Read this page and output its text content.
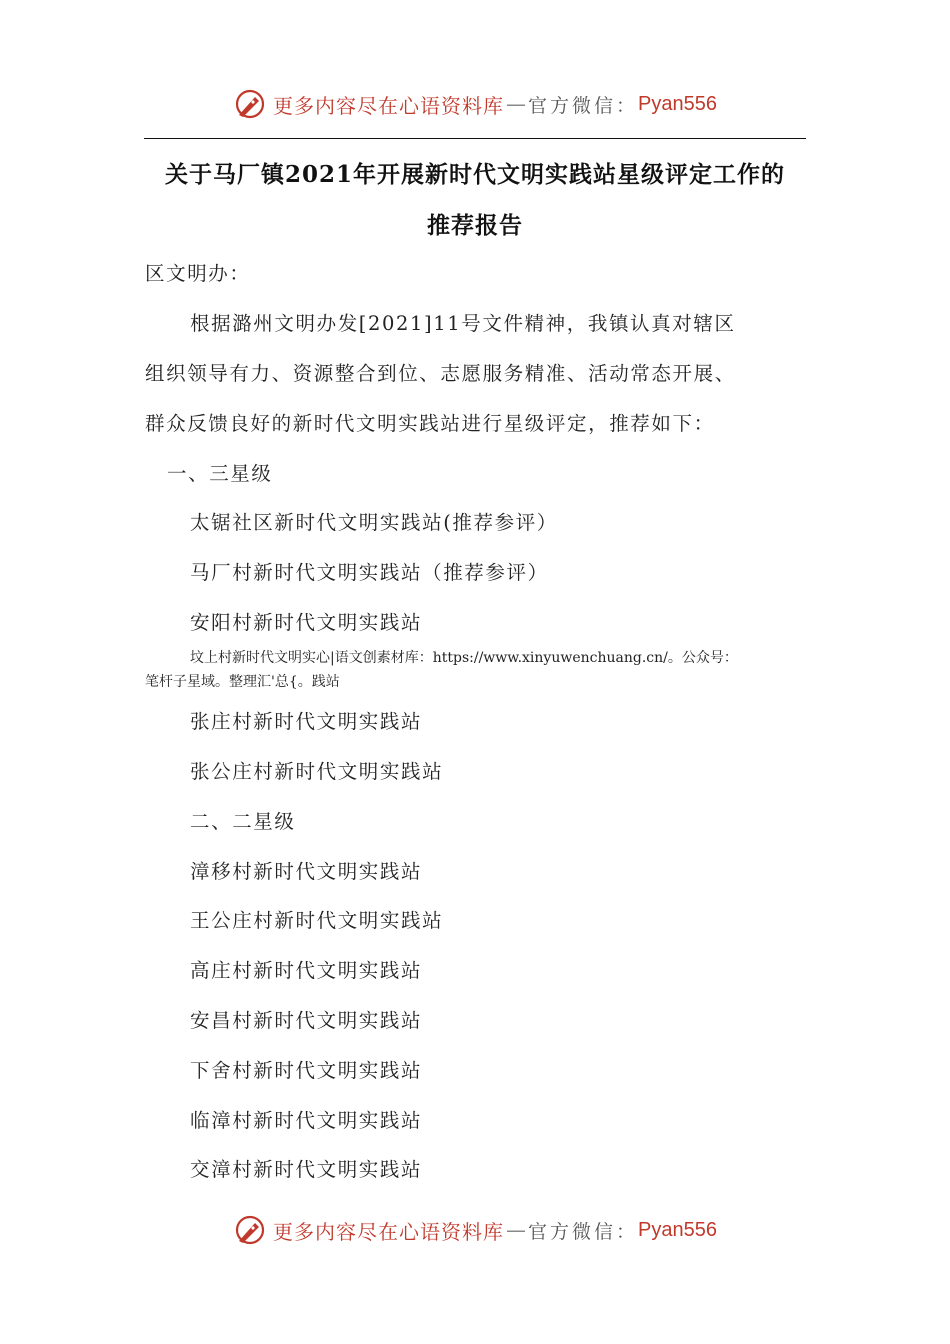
更多内容尽在心语资料库 — 官方微信： Pyan556
关于马厂镇2021年开展新时代文明实践站星级评定工作的
推荐报告
区文明办：
根据潞州文明办发[2021]11号文件精神，我镇认真对辖区
组织领导有力、资源整合到位、志愿服务精准、活动常态开展、
群众反馈良好的新时代文明实践站进行星级评定，推荐如下：
一、三星级
太锯社区新时代文明实践站(推荐参评）
马厂村新时代文明实践站（推荐参评）
安阳村新时代文明实践站
坟上村新时代文明实心|语文创素材库：https://www.xinyuwenchuang.cn/。公众号：
笔杆子星域。整理汇'总{。践站
张庄村新时代文明实践站
张公庄村新时代文明实践站
二、二星级
漳移村新时代文明实践站
王公庄村新时代文明实践站
高庄村新时代文明实践站
安昌村新时代文明实践站
下舍村新时代文明实践站
临漳村新时代文明实践站
交漳村新时代文明实践站
更多内容尽在心语资料库 — 官方微信： Pyan556
